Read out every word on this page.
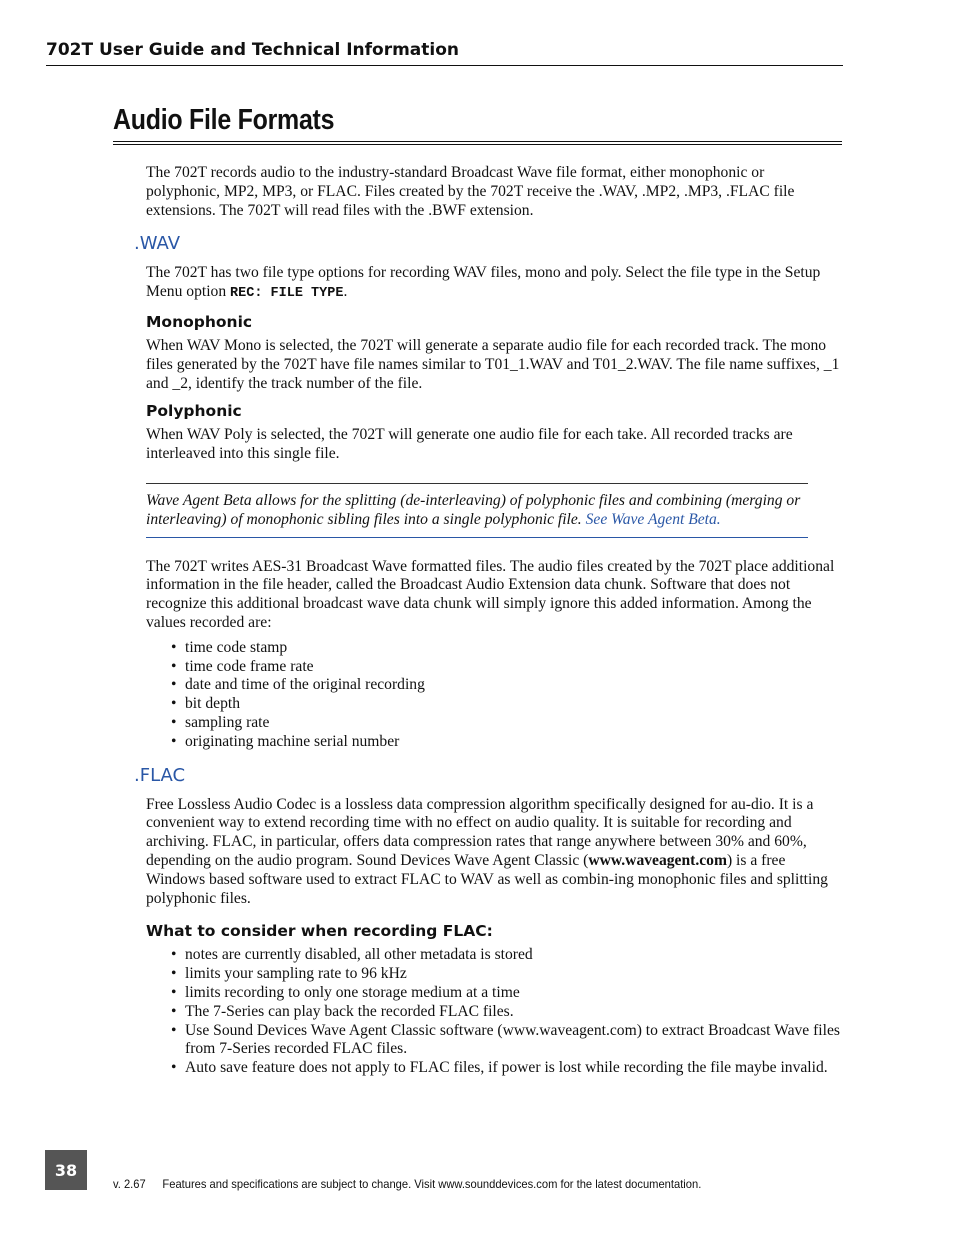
702T User Guide and Technical Information
Audio File Formats

The 702T records audio to the industry-standard Broadcast Wave file format, either monophonic or polyphonic, MP2, MP3, or FLAC. Files created by the 702T receive the .WAV, .MP2, .MP3, .FLAC file extensions. The 702T will read files with the .BWF extension.

.WAV

The 702T has two file type options for recording WAV files, mono and poly. Select the file type in the Setup Menu option REC: FILE TYPE.

Monophonic

When WAV Mono is selected, the 702T will generate a separate audio file for each recorded track. The mono files generated by the 702T have file names similar to T01_1.WAV and T01_2.WAV. The file name suffixes, _1 and _2, identify the track number of the file.

Polyphonic

When WAV Poly is selected, the 702T will generate one audio file for each take. All recorded tracks are interleaved into this single file.

Wave Agent Beta allows for the splitting (de-interleaving) of polyphonic files and combining (merging or interleaving) of monophonic sibling files into a single polyphonic file. See Wave Agent Beta.

The 702T writes AES-31 Broadcast Wave formatted files. The audio files created by the 702T place additional information in the file header, called the Broadcast Audio Extension data chunk. Software that does not recognize this additional broadcast wave data chunk will simply ignore this added information. Among the values recorded are:

• time code stamp
• time code frame rate
• date and time of the original recording
• bit depth
• sampling rate
• originating machine serial number
.FLAC

Free Lossless Audio Codec is a lossless data compression algorithm specifically designed for au-dio. It is a convenient way to extend recording time with no effect on audio quality. It is suitable for recording and archiving. FLAC, in particular, offers data compression rates that range anywhere between 30% and 60%, depending on the audio program. Sound Devices Wave Agent Classic (www.waveagent.com) is a free Windows based software used to extract FLAC to WAV as well as combin-ing monophonic files and splitting polyphonic files.

What to consider when recording FLAC:
• notes are currently disabled, all other metadata is stored
• limits your sampling rate to 96 kHz
• limits recording to only one storage medium at a time
• The 7-Series can play back the recorded FLAC files.
• Use Sound Devices Wave Agent Classic software (www.waveagent.com) to extract Broadcast Wave files from 7-Series recorded FLAC files.
• Auto save feature does not apply to FLAC files, if power is lost while recording the file maybe invalid.
38
v. 2.67 Features and specifications are subject to change. Visit www.sounddevices.com for the latest documentation.
